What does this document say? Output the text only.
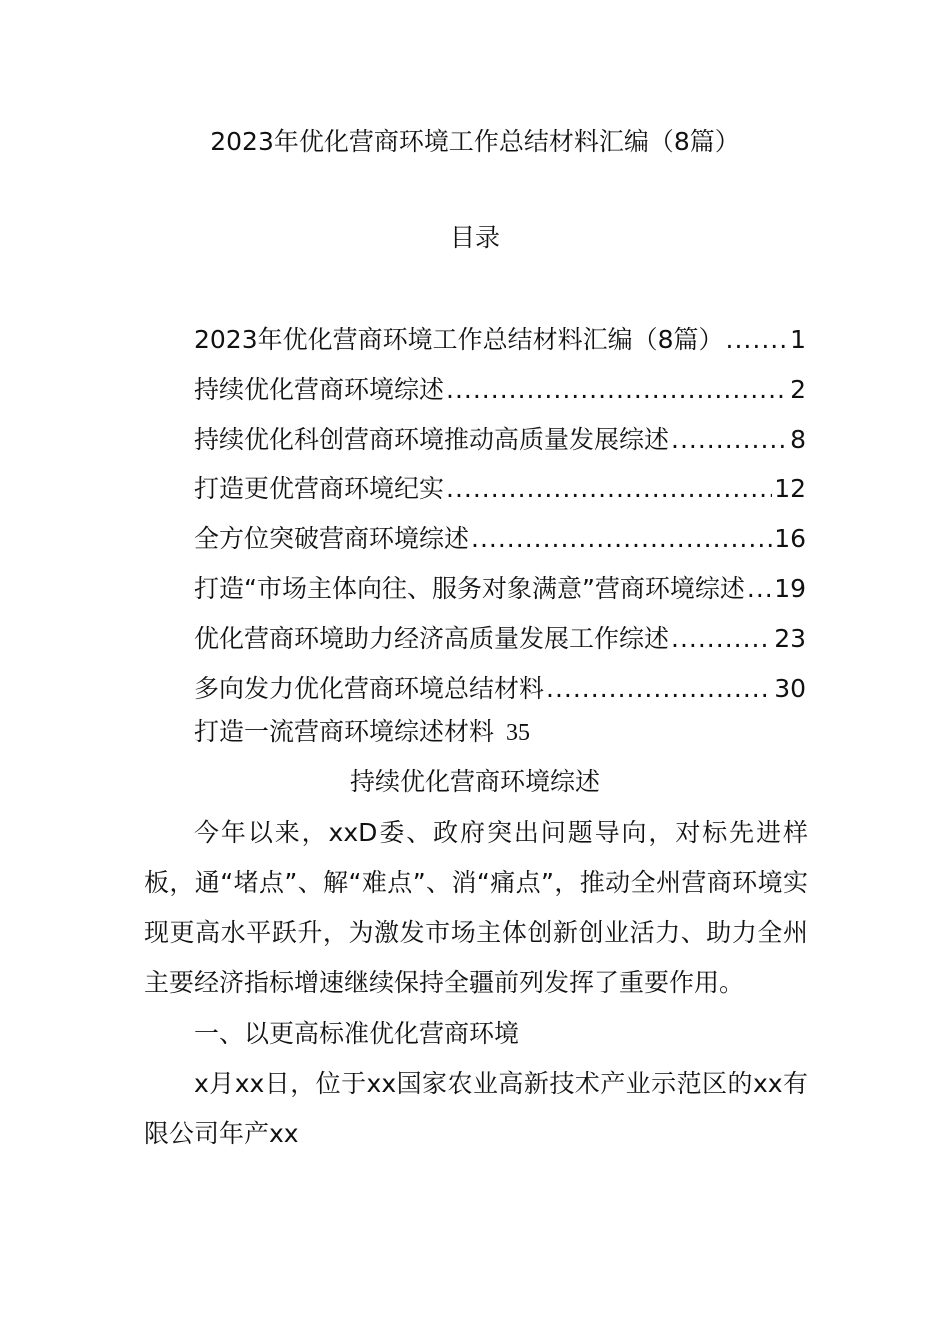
2023年优化营商环境工作总结材料汇编（8篇）
目录
2023年优化营商环境工作总结材料汇编（8篇） .....	1
持续优化营商环境综述 .....	2
持续优化科创营商环境推动高质量发展综述 .....	8
打造更优营商环境纪实 .....	12
全方位突破营商环境综述 .....	16
打造“市场主体向往、服务对象满意”营商环境综述 ..... 19
优化营商环境助力经济高质量发展工作综述 .....	23
多向发力优化营商环境总结材料 .....	30
打造一流营商环境综述材料 35
持续优化营商环境综述

今年以来，xxD委、政府突出问题导向，对标先进样板，通“堵点”、解“难点”、消“痛点”，推动全州营商环境实现更高水平跃升，为激发市场主体创新创业活力、助力全州主要经济指标增速继续保持全疆前列发挥了重要作用。

一、以更高标准优化营商环境

x月xx日，位于xx国家农业高新技术产业示范区的xx有限公司年产xx
